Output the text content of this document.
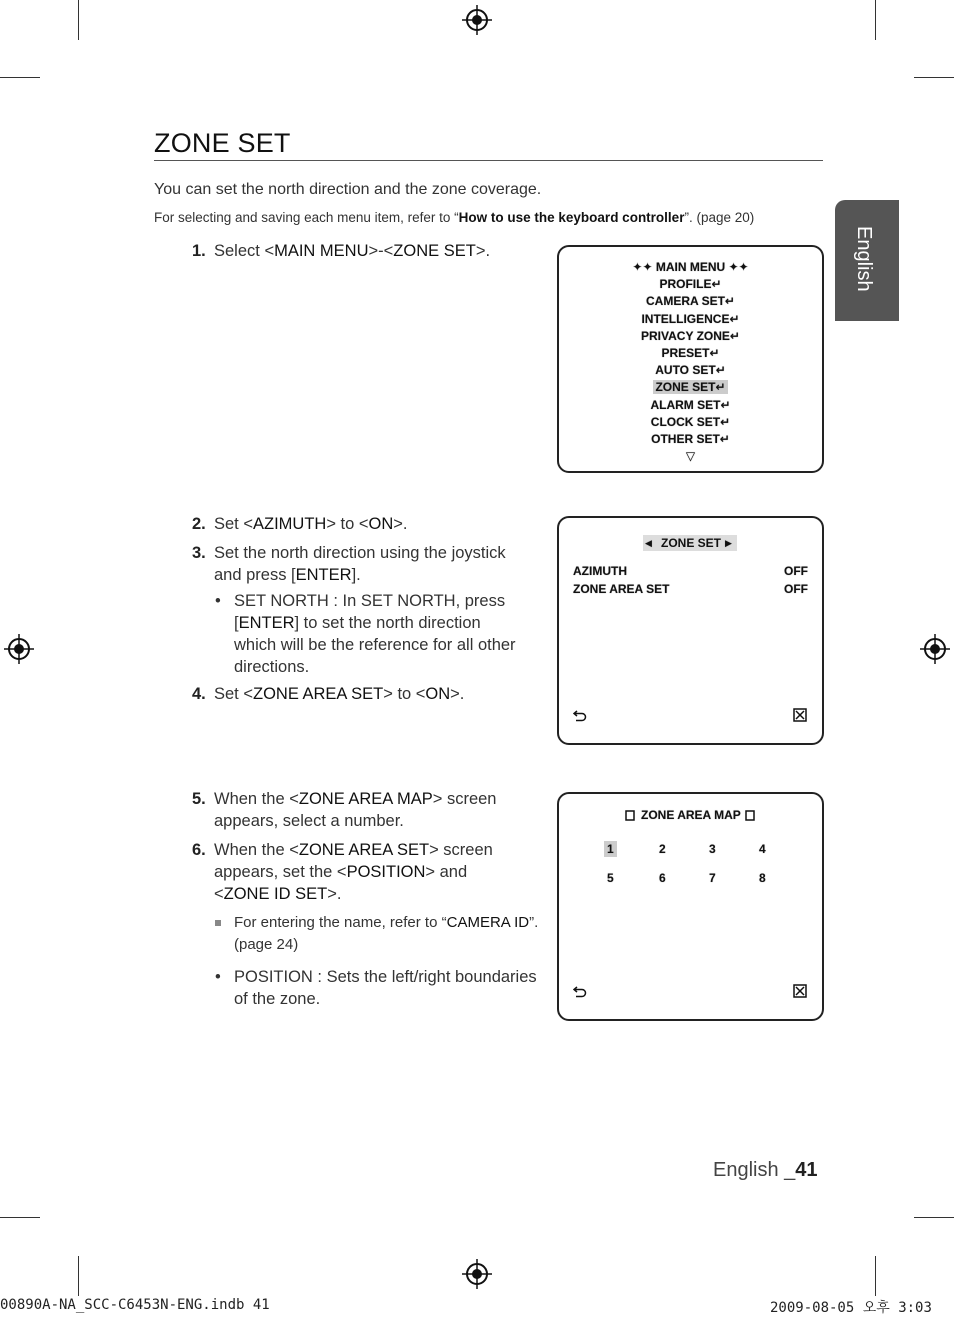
English
ZONE SET
You can set the north direction and the zone coverage.
For selecting and saving each menu item, refer to “How to use the keyboard controller”. (page 20)
1. Select <MAIN MENU>-<ZONE SET>.
✦✦ MAIN MENU ✦✦
PROFILE↵
CAMERA SET↵
INTELLIGENCE↵
PRIVACY ZONE↵
PRESET↵
AUTO SET↵
ZONE SET↵
ALARM SET↵
CLOCK SET↵
OTHER SET↵
▽
2. Set <AZIMUTH> to <ON>.
3. Set the north direction using the joystick
and press [ENTER].
• SET NORTH : In SET NORTH, press
[ENTER] to set the north direction
which will be the reference for all other
directions.
4. Set <ZONE AREA SET> to <ON>.
◀ ZONE SET ▶
AZIMUTH	OFF
ZONE AREA SET	OFF
5. When the <ZONE AREA MAP> screen
appears, select a number.
6. When the <ZONE AREA SET> screen
appears, set the <POSITION> and
<ZONE ID SET>.
For entering the name, refer to “CAMERA ID”.
(page 24)
• POSITION : Sets the left/right boundaries
of the zone.
ZONE AREA MAP
1	2	3	4
5	6	7	8
English _41
00890A-NA_SCC-C6453N-ENG.indb 41	2009-08-05 오후 3:03
